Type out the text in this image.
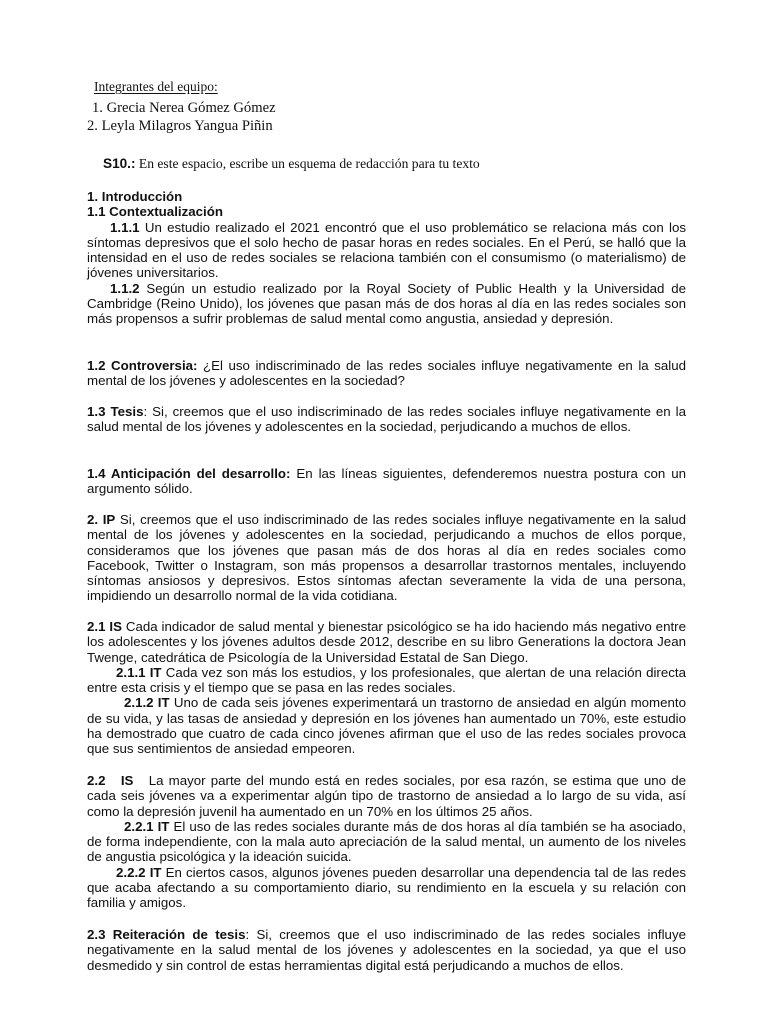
Integrantes del equipo:
1. Grecia Nerea Gómez Gómez
2. Leyla Milagros Yangua Piñin
S10.: En este espacio, escribe un esquema de redacción para tu texto
1. Introducción
1.1 Contextualización
1.1.1 Un estudio realizado el 2021 encontró que el uso problemático se relaciona más con los síntomas depresivos que el solo hecho de pasar horas en redes sociales. En el Perú, se halló que la intensidad en el uso de redes sociales se relaciona también con el consumismo (o materialismo) de jóvenes universitarios.
1.1.2 Según un estudio realizado por la Royal Society of Public Health y la Universidad de Cambridge (Reino Unido), los jóvenes que pasan más de dos horas al día en las redes sociales son más propensos a sufrir problemas de salud mental como angustia, ansiedad y depresión.
1.2 Controversia: ¿El uso indiscriminado de las redes sociales influye negativamente en la salud mental de los jóvenes y adolescentes en la sociedad?
1.3 Tesis: Si, creemos que el uso indiscriminado de las redes sociales influye negativamente en la salud mental de los jóvenes y adolescentes en la sociedad, perjudicando a muchos de ellos.
1.4 Anticipación del desarrollo: En las líneas siguientes, defenderemos nuestra postura con un argumento sólido.
2. IP Si, creemos que el uso indiscriminado de las redes sociales influye negativamente en la salud mental de los jóvenes y adolescentes en la sociedad, perjudicando a muchos de ellos porque, consideramos que los jóvenes que pasan más de dos horas al día en redes sociales como Facebook, Twitter o Instagram, son más propensos a desarrollar trastornos mentales, incluyendo síntomas ansiosos y depresivos. Estos síntomas afectan severamente la vida de una persona, impidiendo un desarrollo normal de la vida cotidiana.
2.1 IS Cada indicador de salud mental y bienestar psicológico se ha ido haciendo más negativo entre los adolescentes y los jóvenes adultos desde 2012, describe en su libro Generations la doctora Jean Twenge, catedrática de Psicología de la Universidad Estatal de San Diego.
2.1.1 IT Cada vez son más los estudios, y los profesionales, que alertan de una relación directa entre esta crisis y el tiempo que se pasa en las redes sociales.
2.1.2 IT Uno de cada seis jóvenes experimentará un trastorno de ansiedad en algún momento de su vida, y las tasas de ansiedad y depresión en los jóvenes han aumentado un 70%, este estudio ha demostrado que cuatro de cada cinco jóvenes afirman que el uso de las redes sociales provoca que sus sentimientos de ansiedad empeoren.
2.2   IS   La mayor parte del mundo está en redes sociales, por esa razón, se estima que uno de cada seis jóvenes va a experimentar algún tipo de trastorno de ansiedad a lo largo de su vida, así como la depresión juvenil ha aumentado en un 70% en los últimos 25 años.
2.2.1 IT El uso de las redes sociales durante más de dos horas al día también se ha asociado, de forma independiente, con la mala auto apreciación de la salud mental, un aumento de los niveles de angustia psicológica y la ideación suicida.
2.2.2 IT En ciertos casos, algunos jóvenes pueden desarrollar una dependencia tal de las redes que acaba afectando a su comportamiento diario, su rendimiento en la escuela y su relación con familia y amigos.
2.3 Reiteración de tesis: Si, creemos que el uso indiscriminado de las redes sociales influye negativamente en la salud mental de los jóvenes y adolescentes en la sociedad, ya que el uso desmedido y sin control de estas herramientas digital está perjudicando a muchos de ellos.
